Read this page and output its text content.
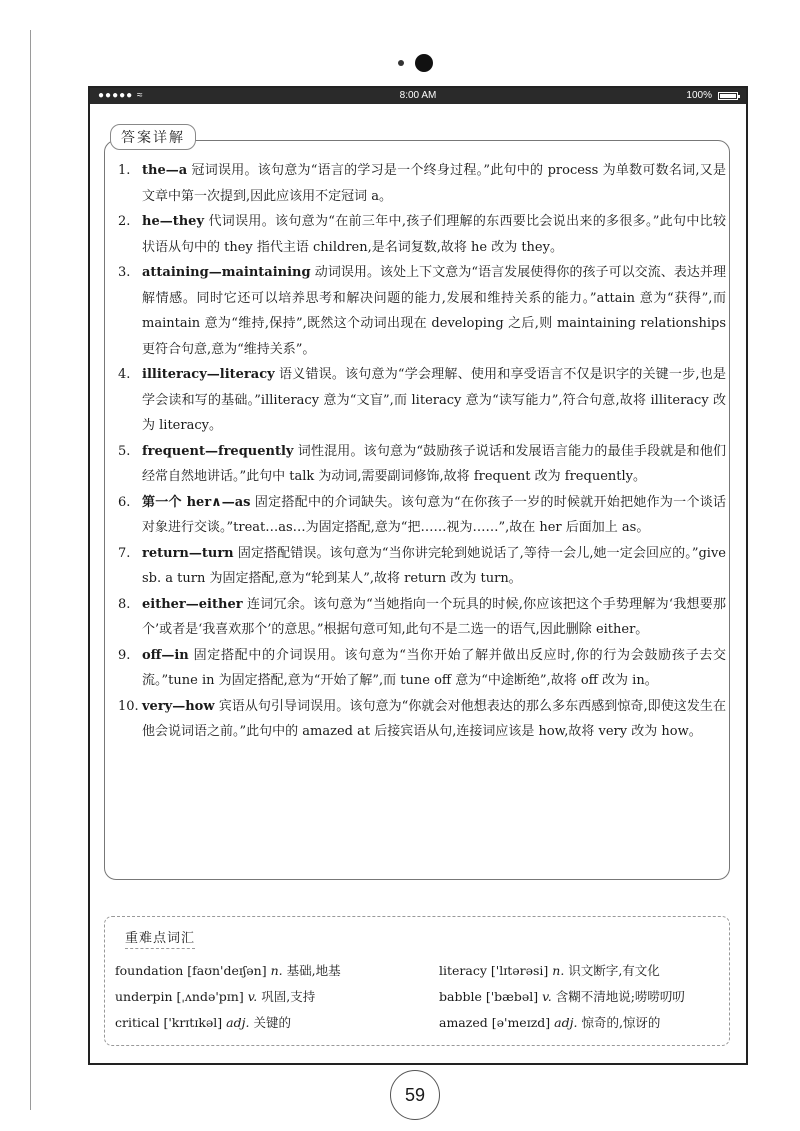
●●●●● ≈	8:00 AM	100%
答案详解
1. the—a 冠词误用。该句意为“语言的学习是一个终身过程。”此句中的 process 为单数可数名词,又是文章中第一次提到,因此应该用不定冠词 a。
2. he—they 代词误用。该句意为“在前三年中,孩子们理解的东西要比会说出来的多很多。”此句中比较状语从句中的 they 指代主语 children,是名词复数,故将 he 改为 they。
3. attaining—maintaining 动词误用。该处上下文意为“语言发展使得你的孩子可以交流、表达并理解情感。同时它还可以培养思考和解决问题的能力,发展和维持关系的能力。”attain 意为“获得”,而 maintain 意为“维持,保持”,既然这个动词出现在 developing 之后,则 maintaining relationships 更符合句意,意为“维持关系”。
4. illiteracy—literacy 语义错误。该句意为“学会理解、使用和享受语言不仅是识字的关键一步,也是学会读和写的基础。”illiteracy 意为“文盲”,而 literacy 意为“读写能力”,符合句意,故将 illiteracy 改为 literacy。
5. frequent—frequently 词性混用。该句意为“鼓励孩子说话和发展语言能力的最佳手段就是和他们经常自然地讲话。”此句中 talk 为动词,需要副词修饰,故将 frequent 改为 frequently。
6. 第一个 her∧—as 固定搭配中的介词缺失。该句意为“在你孩子一岁的时候就开始把她作为一个谈话对象进行交谈。”treat…as…为固定搭配,意为“把……视为……”,故在 her 后面加上 as。
7. return—turn 固定搭配错误。该句意为“当你讲完轮到她说话了,等待一会儿,她一定会回应的。”give sb. a turn 为固定搭配,意为“轮到某人”,故将 return 改为 turn。
8. either—either 连词冗余。该句意为“当她指向一个玩具的时候,你应该把这个手势理解为‘我想要那个’或者是‘我喜欢那个’的意思。”根据句意可知,此句不是二选一的语气,因此删除 either。
9. off—in 固定搭配中的介词误用。该句意为“当你开始了解并做出反应时,你的行为会鼓励孩子去交流。”tune in 为固定搭配,意为“开始了解”,而 tune off 意为“中途断绝”,故将 off 改为 in。
10. very—how 宾语从句引导词误用。该句意为“你就会对他想表达的那么多东西感到惊奇,即使这发生在他会说词语之前。”此句中的 amazed at 后接宾语从句,连接词应该是 how,故将 very 改为 how。
重难点词汇
foundation [faʊn'deɪʃən] n. 基础,地基	literacy ['lɪtərəsi] n. 识文断字,有文化
underpin [ˌʌndə'pɪn] v. 巩固,支持	babble ['bæbəl] v. 含糊不清地说;唠唠叨叨
critical ['krɪtɪkəl] adj. 关键的	amazed [ə'meɪzd] adj. 惊奇的,惊讶的
59
